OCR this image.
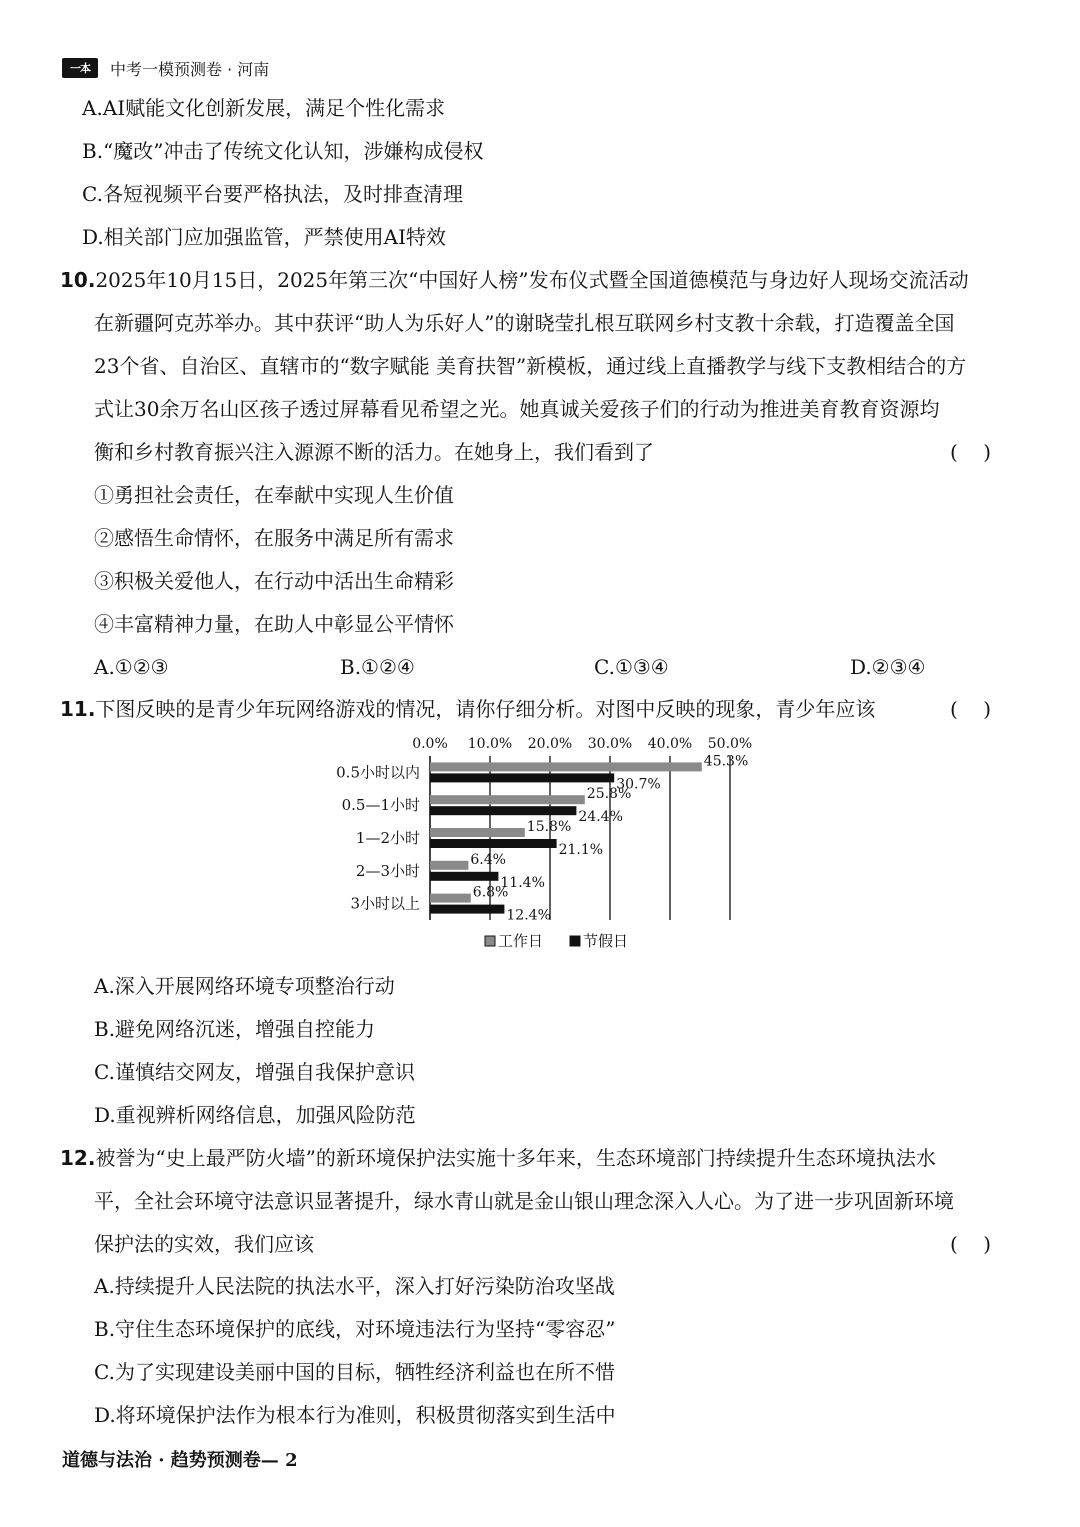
一本	中考一模预测卷 · 河南
A.AI赋能文化创新发展，满足个性化需求
B.“魔改”冲击了传统文化认知，涉嫌构成侵权
C.各短视频平台要严格执法，及时排查清理
D.相关部门应加强监管，严禁使用AI特效
10.2025年10月15日，2025年第三次“中国好人榜”发布仪式暨全国道德模范与身边好人现场交流活动
在新疆阿克苏举办。其中获评“助人为乐好人”的谢晓莹扎根互联网乡村支教十余载，打造覆盖全国
23个省、自治区、直辖市的“数字赋能 美育扶智”新模板，通过线上直播教学与线下支教相结合的方
式让30余万名山区孩子透过屏幕看见希望之光。她真诚关爱孩子们的行动为推进美育教育资源均
衡和乡村教育振兴注入源源不断的活力。在她身上，我们看到了	(    )
①勇担社会责任，在奉献中实现人生价值
②感悟生命情怀，在服务中满足所有需求
③积极关爱他人，在行动中活出生命精彩
④丰富精神力量，在助人中彰显公平情怀
A.①②③	B.①②④	C.①③④	D.②③④
11.下图反映的是青少年玩网络游戏的情况，请你仔细分析。对图中反映的现象，青少年应该	(    )
0.0% 10.0% 20.0% 30.0% 40.0% 50.0%
0.5小时以内
45.3%
30.7%
0.5—1小时
25.8%
24.4%
1—2小时
15.8%
21.1%
2—3小时
6.4%
11.4%
3小时以上
6.8%
12.4%
工作日	节假日
A.深入开展网络环境专项整治行动
B.避免网络沉迷，增强自控能力
C.谨慎结交网友，增强自我保护意识
D.重视辨析网络信息，加强风险防范
12.被誉为“史上最严防火墙”的新环境保护法实施十多年来，生态环境部门持续提升生态环境执法水
平，全社会环境守法意识显著提升，绿水青山就是金山银山理念深入人心。为了进一步巩固新环境
保护法的实效，我们应该	(    )
A.持续提升人民法院的执法水平，深入打好污染防治攻坚战
B.守住生态环境保护的底线，对环境违法行为坚持“零容忍”
C.为了实现建设美丽中国的目标，牺牲经济利益也在所不惜
D.将环境保护法作为根本行为准则，积极贯彻落实到生活中
道德与法治 · 趋势预测卷— 2
